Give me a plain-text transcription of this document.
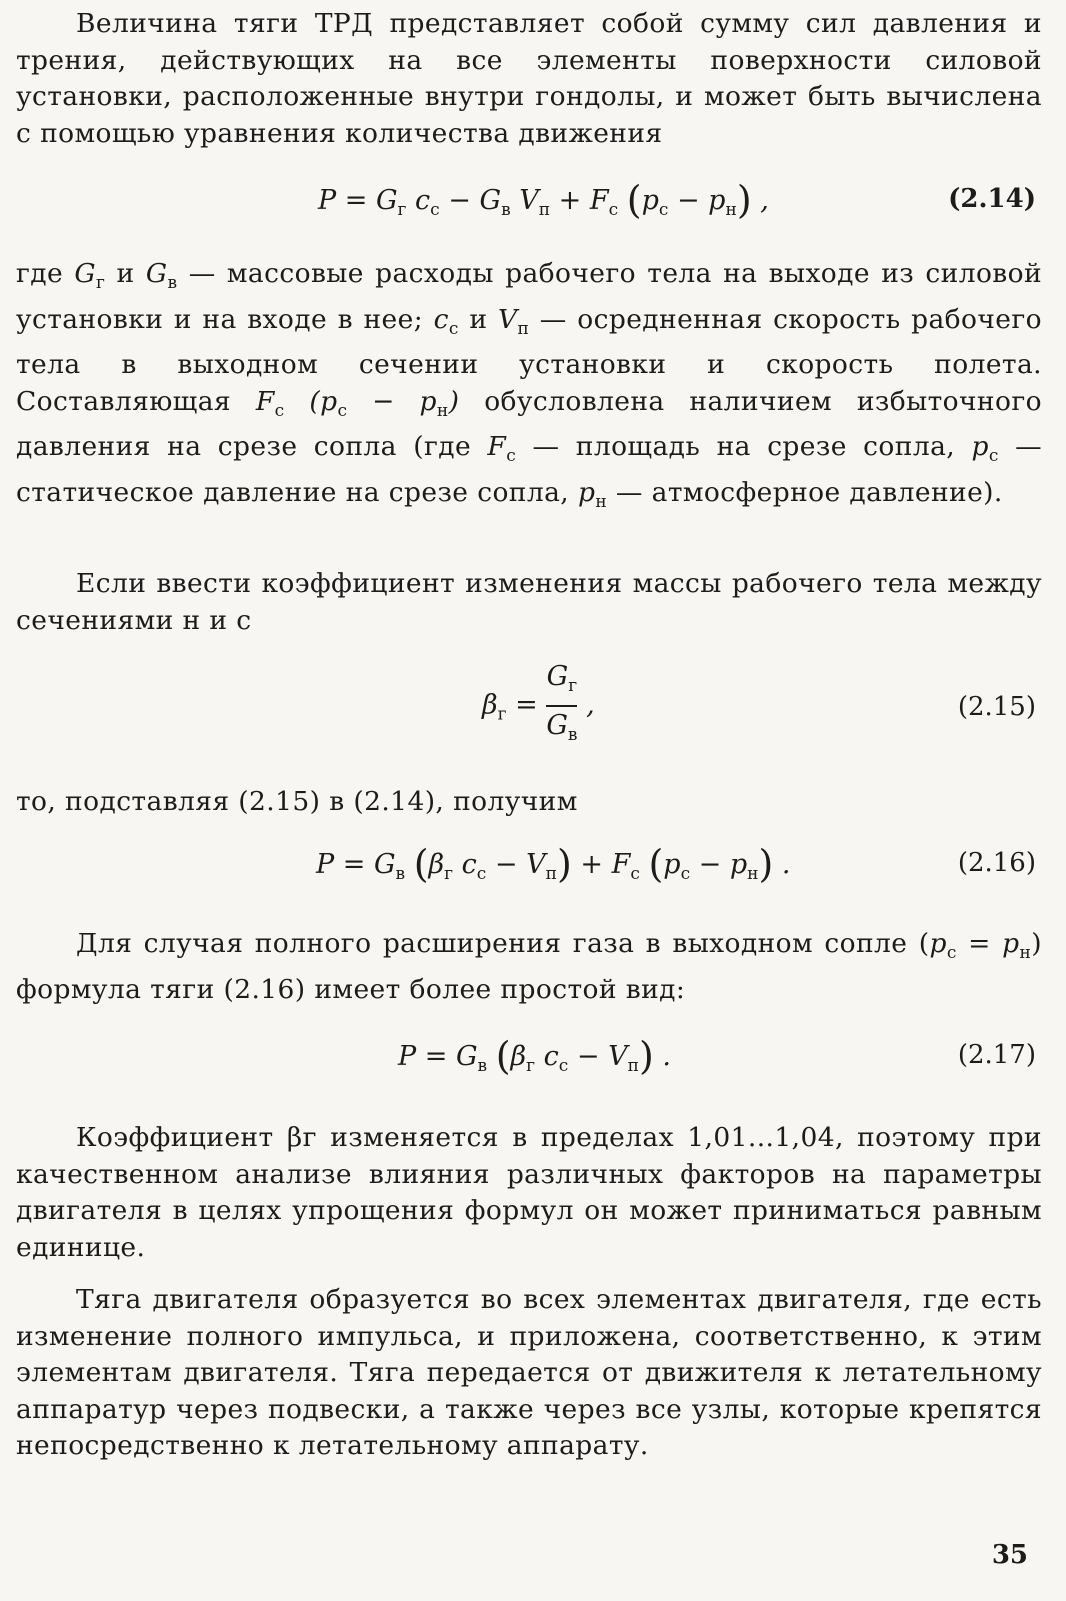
Величина тяги ТРД представляет собой сумму сил давления и трения, действующих на все элементы поверхности силовой установки, расположенные внутри гондолы, и может быть вычислена с помощью уравнения количества движения

$P = G_г$ $c_с - G_в$ $V_п + F_с$ $(p_с - p_н)$ ,	(2.14)

где $G_г$ и $G_в$ — массовые расходы рабочего тела на выходе из силовой установки и на входе в нее; $c_с$ и $V_п$ — осредненная скорость рабочего тела в выходном сечении установки и скорость полета. Составляющая $F_с$ $(p_с - p_н)$ обусловлена наличием избыточного давления на срезе сопла (где $F_с$ — площадь на срезе сопла, $p_с$ — статическое давление на срезе сопла, $p_н$ — атмосферное давление).

Если ввести коэффициент изменения массы рабочего тела между сечениями н и с

$\beta_г = \frac{G_г}{G_в}$ ,	(2.15)

то, подставляя (2.15) в (2.14), получим

$P = G_в$ ($\beta_г$ $c_с - V_п) + F_с$ $(p_с - p_н)$ .	(2.16)

Для случая полного расширения газа в выходном сопле $(p_с = p_н)$ формула тяги (2.16) имеет более простой вид:

$P = G_в$ ($\beta_г$ $c_с - V_п$) .	(2.17)

Коэффициент βг изменяется в пределах 1,01...1,04, поэтому при качественном анализе влияния различных факторов на параметры двигателя в целях упрощения формул он может приниматься равным единице.

Тяга двигателя образуется во всех элементах двигателя, где есть изменение полного импульса, и приложена, соответственно, к этим элементам двигателя. Тяга передается от движителя к летательному аппаратур через подвески, а также через все узлы, которые крепятся непосредственно к летательному аппарату.

35
